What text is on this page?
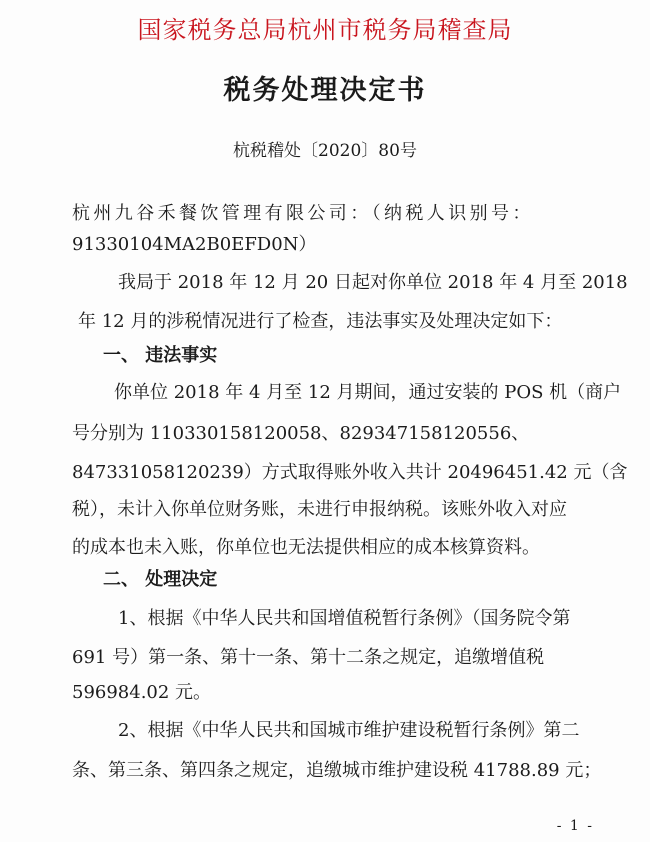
国家税务总局杭州市税务局稽查局
税务处理决定书
杭税稽处〔2020〕80号
杭州九谷禾餐饮管理有限公司：（纳税人识别号：
91330104MA2B0EFD0N）
我局于 2018 年 12 月 20 日起对你单位 2018 年 4 月至 2018
年 12 月的涉税情况进行了检查，违法事实及处理决定如下：
一、 违法事实
你单位 2018 年 4 月至 12 月期间，通过安装的 POS 机（商户
号分别为 110330158120058、829347158120556、
847331058120239）方式取得账外收入共计 20496451.42 元（含
税），未计入你单位财务账，未进行申报纳税。该账外收入对应
的成本也未入账，你单位也无法提供相应的成本核算资料。
二、 处理决定
1、根据《中华人民共和国增值税暂行条例》（国务院令第
691 号）第一条、第十一条、第十二条之规定，追缴增值税
596984.02 元。
2、根据《中华人民共和国城市维护建设税暂行条例》第二
条、第三条、第四条之规定，追缴城市维护建设税 41788.89 元；
- 1 -
